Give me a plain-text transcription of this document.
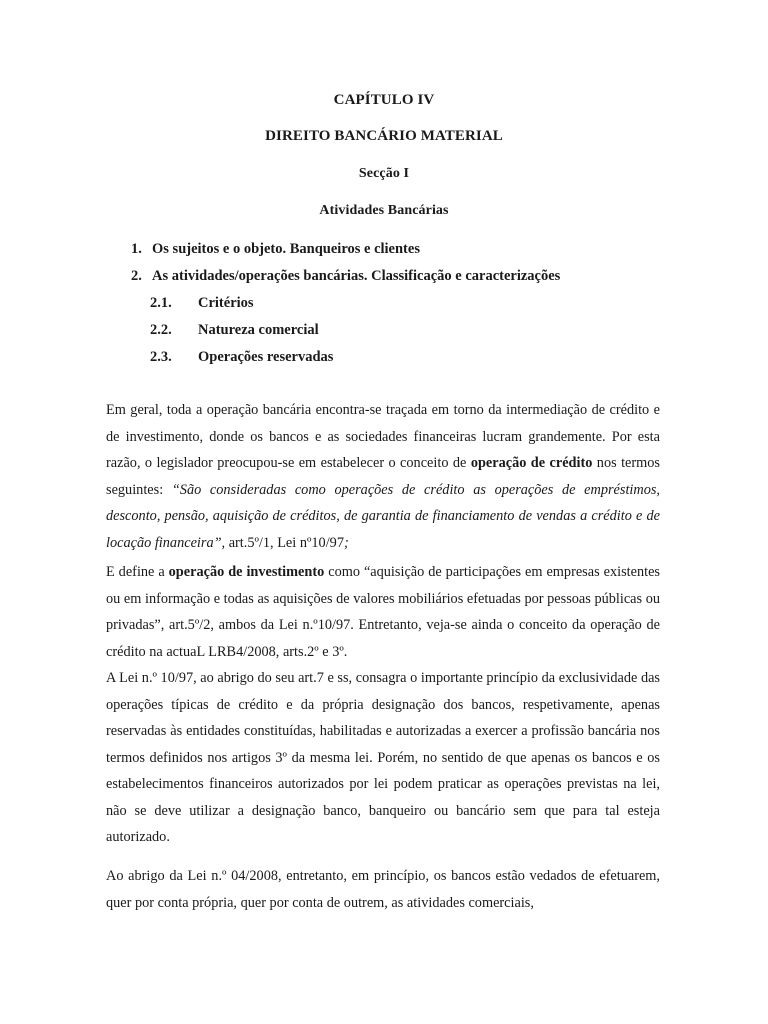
CAPÍTULO IV
DIREITO BANCÁRIO MATERIAL
Secção I
Atividades Bancárias
1. Os sujeitos e o objeto. Banqueiros e clientes
2. As atividades/operações bancárias. Classificação e caracterizações
2.1. Critérios
2.2. Natureza comercial
2.3. Operações reservadas

Em geral, toda a operação bancária encontra-se traçada em torno da intermediação de crédito e de investimento, donde os bancos e as sociedades financeiras lucram grandemente. Por esta razão, o legislador preocupou-se em estabelecer o conceito de operação de crédito nos termos seguintes: “São consideradas como operações de crédito as operações de empréstimos, desconto, pensão, aquisição de créditos, de garantia de financiamento de vendas a crédito e de locação financeira”, art.5º/1, Lei nº10/97;

E define a operação de investimento como “aquisição de participações em empresas existentes ou em informação e todas as aquisições de valores mobiliários efetuadas por pessoas públicas ou privadas”, art.5º/2, ambos da Lei n.º10/97. Entretanto, veja-se ainda o conceito da operação de crédito na actuaL LRB4/2008, arts.2º e 3º.

A Lei n.º 10/97, ao abrigo do seu art.7 e ss, consagra o importante princípio da exclusividade das operações típicas de crédito e da própria designação dos bancos, respetivamente, apenas reservadas às entidades constituídas, habilitadas e autorizadas a exercer a profissão bancária nos termos definidos nos artigos 3º da mesma lei. Porém, no sentido de que apenas os bancos e os estabelecimentos financeiros autorizados por lei podem praticar as operações previstas na lei, não se deve utilizar a designação banco, banqueiro ou bancário sem que para tal esteja autorizado.

Ao abrigo da Lei n.º 04/2008, entretanto, em princípio, os bancos estão vedados de efetuarem, quer por conta própria, quer por conta de outrem, as atividades comerciais,
